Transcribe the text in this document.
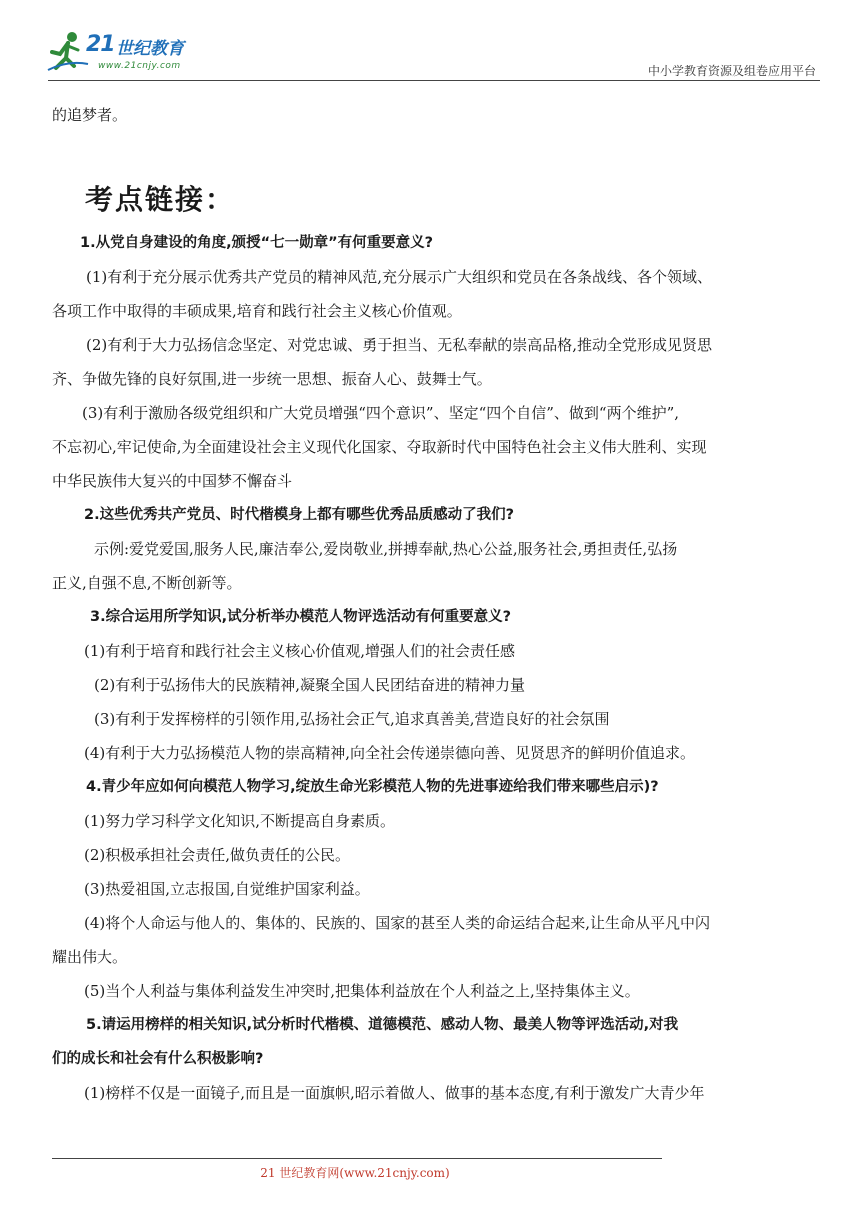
21 世纪教育
www.21cnjy.com	中小学教育资源及组卷应用平台
的追梦者。
考点链接：
1.从党自身建设的角度,颁授“七一勋章”有何重要意义?
(1)有利于充分展示优秀共产党员的精神风范,充分展示广大组织和党员在各条战线、各个领域、
各项工作中取得的丰硕成果,培育和践行社会主义核心价值观。
(2)有利于大力弘扬信念坚定、对党忠诚、勇于担当、无私奉献的崇高品格,推动全党形成见贤思
齐、争做先锋的良好氛围,进一步统一思想、振奋人心、鼓舞士气。
(3)有利于激励各级党组织和广大党员增强“四个意识”、坚定“四个自信”、做到“两个维护”,
不忘初心,牢记使命,为全面建设社会主义现代化国家、夺取新时代中国特色社会主义伟大胜利、实现
中华民族伟大复兴的中国梦不懈奋斗
2.这些优秀共产党员、时代楷模身上都有哪些优秀品质感动了我们?
示例:爱党爱国,服务人民,廉洁奉公,爱岗敬业,拼搏奉献,热心公益,服务社会,勇担责任,弘扬
正义,自强不息,不断创新等。
3.综合运用所学知识,试分析举办模范人物评选活动有何重要意义?
(1)有利于培育和践行社会主义核心价值观,增强人们的社会责任感
(2)有利于弘扬伟大的民族精神,凝聚全国人民团结奋进的精神力量
(3)有利于发挥榜样的引领作用,弘扬社会正气,追求真善美,营造良好的社会氛围
(4)有利于大力弘扬模范人物的崇高精神,向全社会传递崇德向善、见贤思齐的鲜明价值追求。
4.青少年应如何向模范人物学习,绽放生命光彩模范人物的先进事迹给我们带来哪些启示)?
(1)努力学习科学文化知识,不断提高自身素质。
(2)积极承担社会责任,做负责任的公民。
(3)热爱祖国,立志报国,自觉维护国家利益。
(4)将个人命运与他人的、集体的、民族的、国家的甚至人类的命运结合起来,让生命从平凡中闪
耀出伟大。
(5)当个人利益与集体利益发生冲突时,把集体利益放在个人利益之上,坚持集体主义。
5.请运用榜样的相关知识,试分析时代楷模、道德模范、感动人物、最美人物等评选活动,对我
们的成长和社会有什么积极影响?
(1)榜样不仅是一面镜子,而且是一面旗帜,昭示着做人、做事的基本态度,有利于激发广大青少年
21 世纪教育网(www.21cnjy.com)
